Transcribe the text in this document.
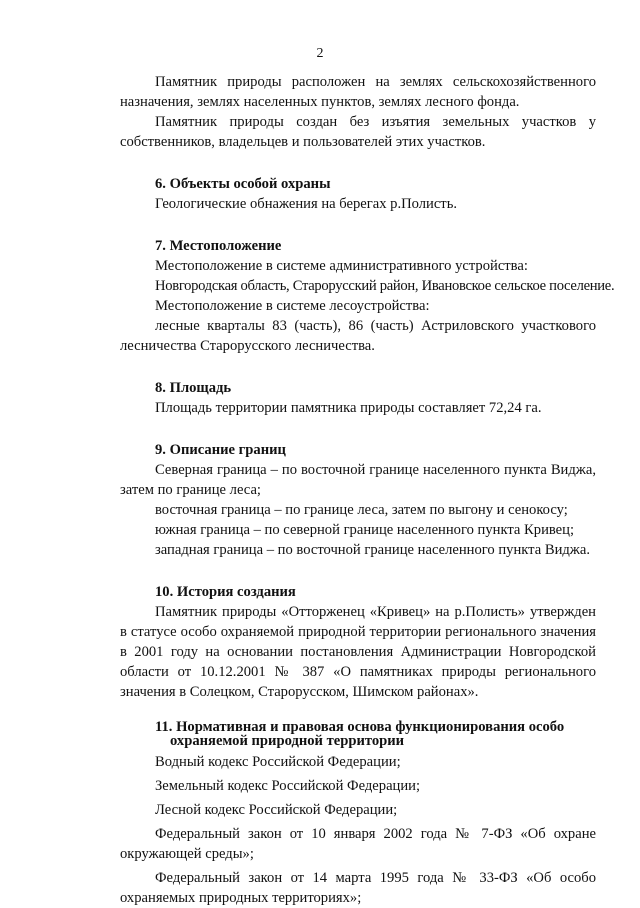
2

Памятник природы расположен на землях сельскохозяйственного назначения, землях населенных пунктов, землях лесного фонда.

Памятник природы создан без изъятия земельных участков у собственников, владельцев и пользователей этих участков.

6. Объекты особой охраны

Геологические обнажения на берегах р.Полисть.

7. Местоположение

Местоположение в системе административного устройства:

Новгородская область, Старорусский район, Ивановское сельское поселение.

Местоположение в системе лесоустройства:

лесные кварталы 83 (часть), 86 (часть) Астриловского участкового лесничества Старорусского лесничества.

8. Площадь

Площадь территории памятника природы составляет 72,24 га.

9. Описание границ

Северная граница – по восточной границе населенного пункта Виджа, затем по границе леса;

восточная граница – по границе леса, затем по выгону и сенокосу;

южная граница – по северной границе населенного пункта Кривец;

западная граница – по восточной границе населенного пункта Виджа.

10. История создания

Памятник природы «Отторженец «Кривец» на р.Полисть» утвержден в статусе особо охраняемой природной территории регионального значения в 2001 году на основании постановления Администрации Новгородской области от 10.12.2001 № 387 «О памятниках природы регионального значения в Солецком, Старорусском, Шимском районах».

11. Нормативная и правовая основа функционирования особо
охраняемой природной территории

Водный кодекс Российской Федерации;

Земельный кодекс Российской Федерации;

Лесной кодекс Российской Федерации;

Федеральный закон от 10 января 2002 года № 7-ФЗ «Об охране окружающей среды»;

Федеральный закон от 14 марта 1995 года № 33-ФЗ «Об особо охраняемых природных территориях»;
